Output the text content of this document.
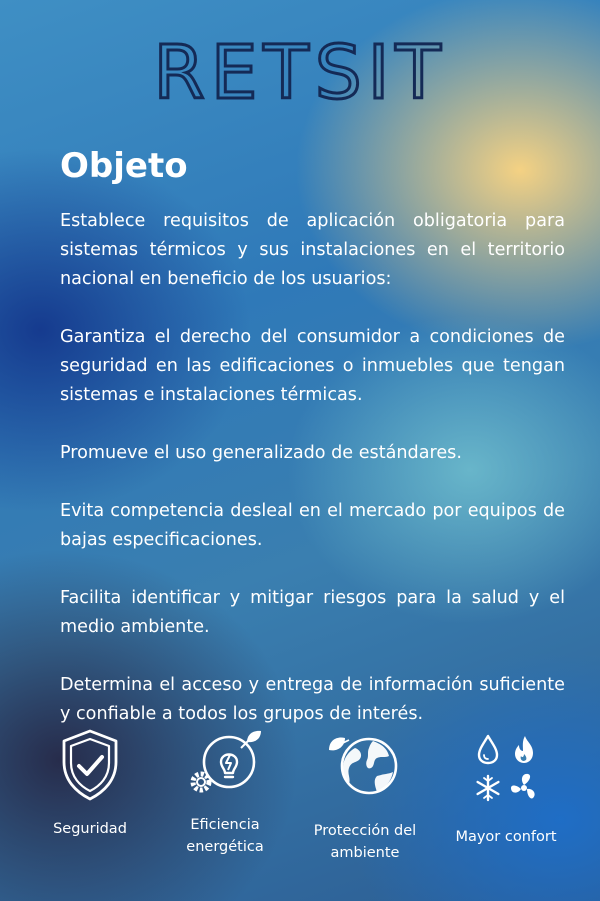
RETSIT
Objeto

Establece requisitos de aplicación obligatoria para sistemas térmicos y sus instalaciones en el territorio nacional en beneficio de los usuarios:

Garantiza el derecho del consumidor a condiciones de seguridad en las edificaciones o inmuebles que tengan sistemas e instalaciones térmicas.

Promueve el uso generalizado de estándares.

Evita competencia desleal en el mercado por equipos de bajas especificaciones.

Facilita identificar y mitigar riesgos para la salud y el medio ambiente.

Determina el acceso y entrega de información suficiente y confiable a todos los grupos de interés.

Seguridad	Eficiencia
energética
Protección del
ambiente
Mayor confort
